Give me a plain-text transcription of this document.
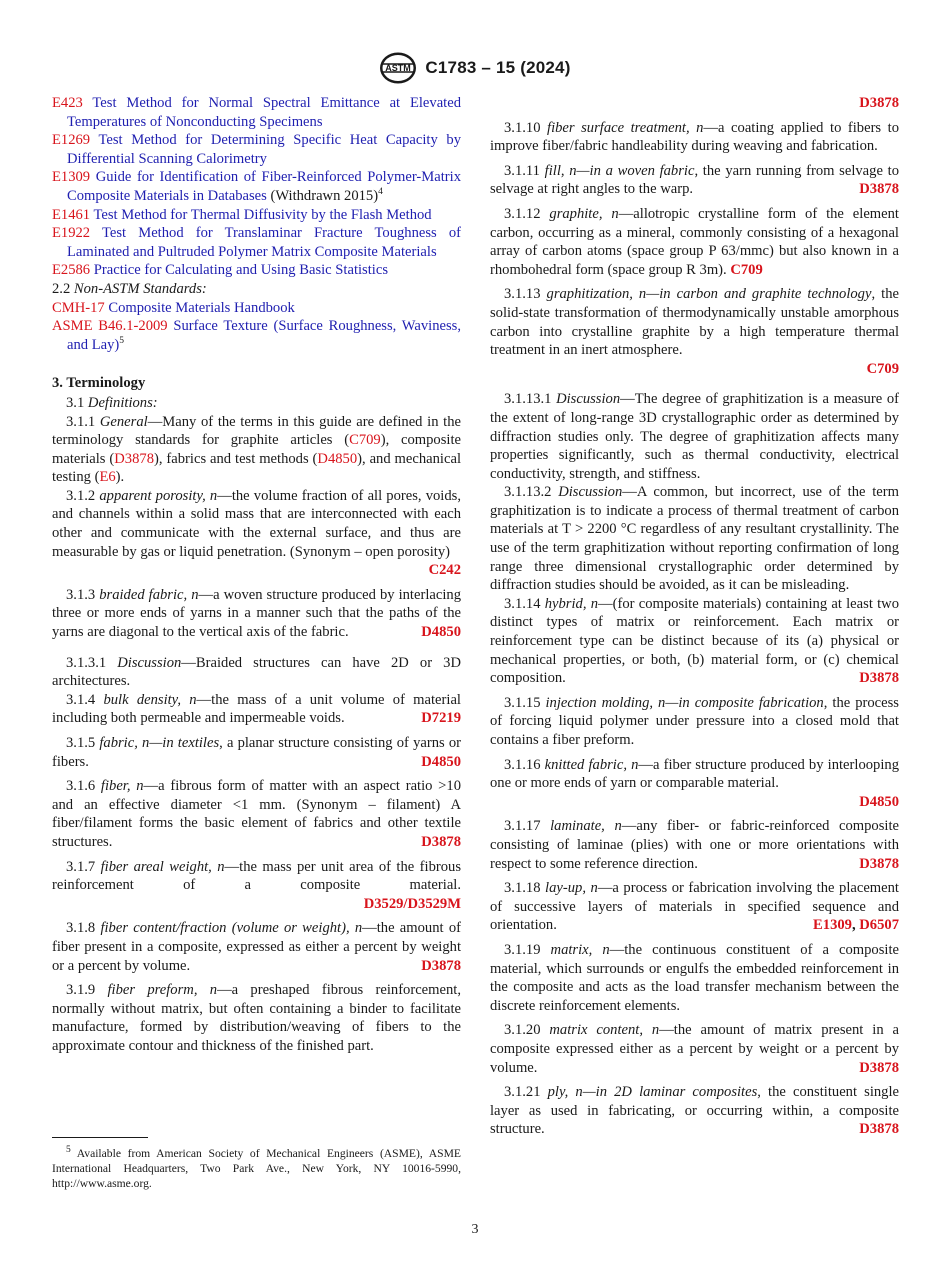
ASTM C1783 – 15 (2024)

E423 Test Method for Normal Spectral Emittance at Elevated Temperatures of Nonconducting Specimens

E1269 Test Method for Determining Specific Heat Capacity by Differential Scanning Calorimetry

E1309 Guide for Identification of Fiber-Reinforced Polymer-Matrix Composite Materials in Databases (Withdrawn 2015)$^4$

E1461 Test Method for Thermal Diffusivity by the Flash Method

E1922 Test Method for Translaminar Fracture Toughness of Laminated and Pultruded Polymer Matrix Composite Materials

E2586 Practice for Calculating and Using Basic Statistics

2.2 Non-ASTM Standards:

CMH-17 Composite Materials Handbook

ASME B46.1-2009 Surface Texture (Surface Roughness, Waviness, and Lay)$^5$

3. Terminology

3.1 Definitions:

3.1.1 General—Many of the terms in this guide are defined in the terminology standards for graphite articles (C709), composite materials (D3878), fabrics and test methods (D4850), and mechanical testing (E6).

3.1.2 apparent porosity, n—the volume fraction of all pores, voids, and channels within a solid mass that are interconnected with each other and communicate with the external surface, and thus are measurable by gas or liquid penetration. (Synonym – open porosity)
C242

3.1.3 braided fabric, n—a woven structure produced by interlacing three or more ends of yarns in a manner such that the paths of the yarns are diagonal to the vertical axis of the fabric.	D4850

3.1.3.1 Discussion—Braided structures can have 2D or 3D architectures.

3.1.4 bulk density, n—the mass of a unit volume of material including both permeable and impermeable voids.	D7219

3.1.5 fabric, n—in textiles, a planar structure consisting of yarns or fibers.	D4850

3.1.6 fiber, n—a fibrous form of matter with an aspect ratio >10 and an effective diameter <1 mm. (Synonym – filament) A fiber/filament forms the basic element of fabrics and other textile structures.	D3878

3.1.7 fiber areal weight, n—the mass per unit area of the fibrous reinforcement of a composite material.

D3529/D3529M

3.1.8 fiber content/fraction (volume or weight), n—the amount of fiber present in a composite, expressed as either a percent by weight or a percent by volume.	D3878

3.1.9 fiber preform, n—a preshaped fibrous reinforcement, normally without matrix, but often containing a binder to facilitate manufacture, formed by distribution/weaving of fibers to the approximate contour and thickness of the finished part.

D3878

3.1.10 fiber surface treatment, n—a coating applied to fibers to improve fiber/fabric handleability during weaving and fabrication.

3.1.11 fill, n—in a woven fabric, the yarn running from selvage to selvage at right angles to the warp.	D3878

3.1.12 graphite, n—allotropic crystalline form of the element carbon, occurring as a mineral, commonly consisting of a hexagonal array of carbon atoms (space group P 63/mmc) but also known in a rhombohedral form (space group R 3m). C709

3.1.13 graphitization, n—in carbon and graphite technology, the solid-state transformation of thermodynamically unstable amorphous carbon into crystalline graphite by a high temperature thermal treatment in an inert atmosphere.
C709

3.1.13.1 Discussion—The degree of graphitization is a measure of the extent of long-range 3D crystallographic order as determined by diffraction studies only. The degree of graphitization affects many properties significantly, such as thermal conductivity, electrical conductivity, strength, and stiffness.

3.1.13.2 Discussion—A common, but incorrect, use of the term graphitization is to indicate a process of thermal treatment of carbon materials at T > 2200 °C regardless of any resultant crystallinity. The use of the term graphitization without reporting confirmation of long range three dimensional crystallographic order determined by diffraction studies should be avoided, as it can be misleading.

3.1.14 hybrid, n—(for composite materials) containing at least two distinct types of matrix or reinforcement. Each matrix or reinforcement type can be distinct because of its (a) physical or mechanical properties, or both, (b) material form, or (c) chemical composition.	D3878

3.1.15 injection molding, n—in composite fabrication, the process of forcing liquid polymer under pressure into a closed mold that contains a fiber preform.

3.1.16 knitted fabric, n—a fiber structure produced by interlooping one or more ends of yarn or comparable material.
D4850

3.1.17 laminate, n—any fiber- or fabric-reinforced composite consisting of laminae (plies) with one or more orientations with respect to some reference direction.	D3878

3.1.18 lay-up, n—a process or fabrication involving the placement of successive layers of materials in specified sequence and orientation.	E1309, D6507

3.1.19 matrix, n—the continuous constituent of a composite material, which surrounds or engulfs the embedded reinforcement in the composite and acts as the load transfer mechanism between the discrete reinforcement elements.

3.1.20 matrix content, n—the amount of matrix present in a composite expressed either as a percent by weight or a percent by volume.	D3878

3.1.21 ply, n—in 2D laminar composites, the constituent single layer as used in fabricating, or occurring within, a composite structure.	D3878

$^5$ Available from American Society of Mechanical Engineers (ASME), ASME International Headquarters, Two Park Ave., New York, NY 10016-5990, http://www.asme.org.

3
